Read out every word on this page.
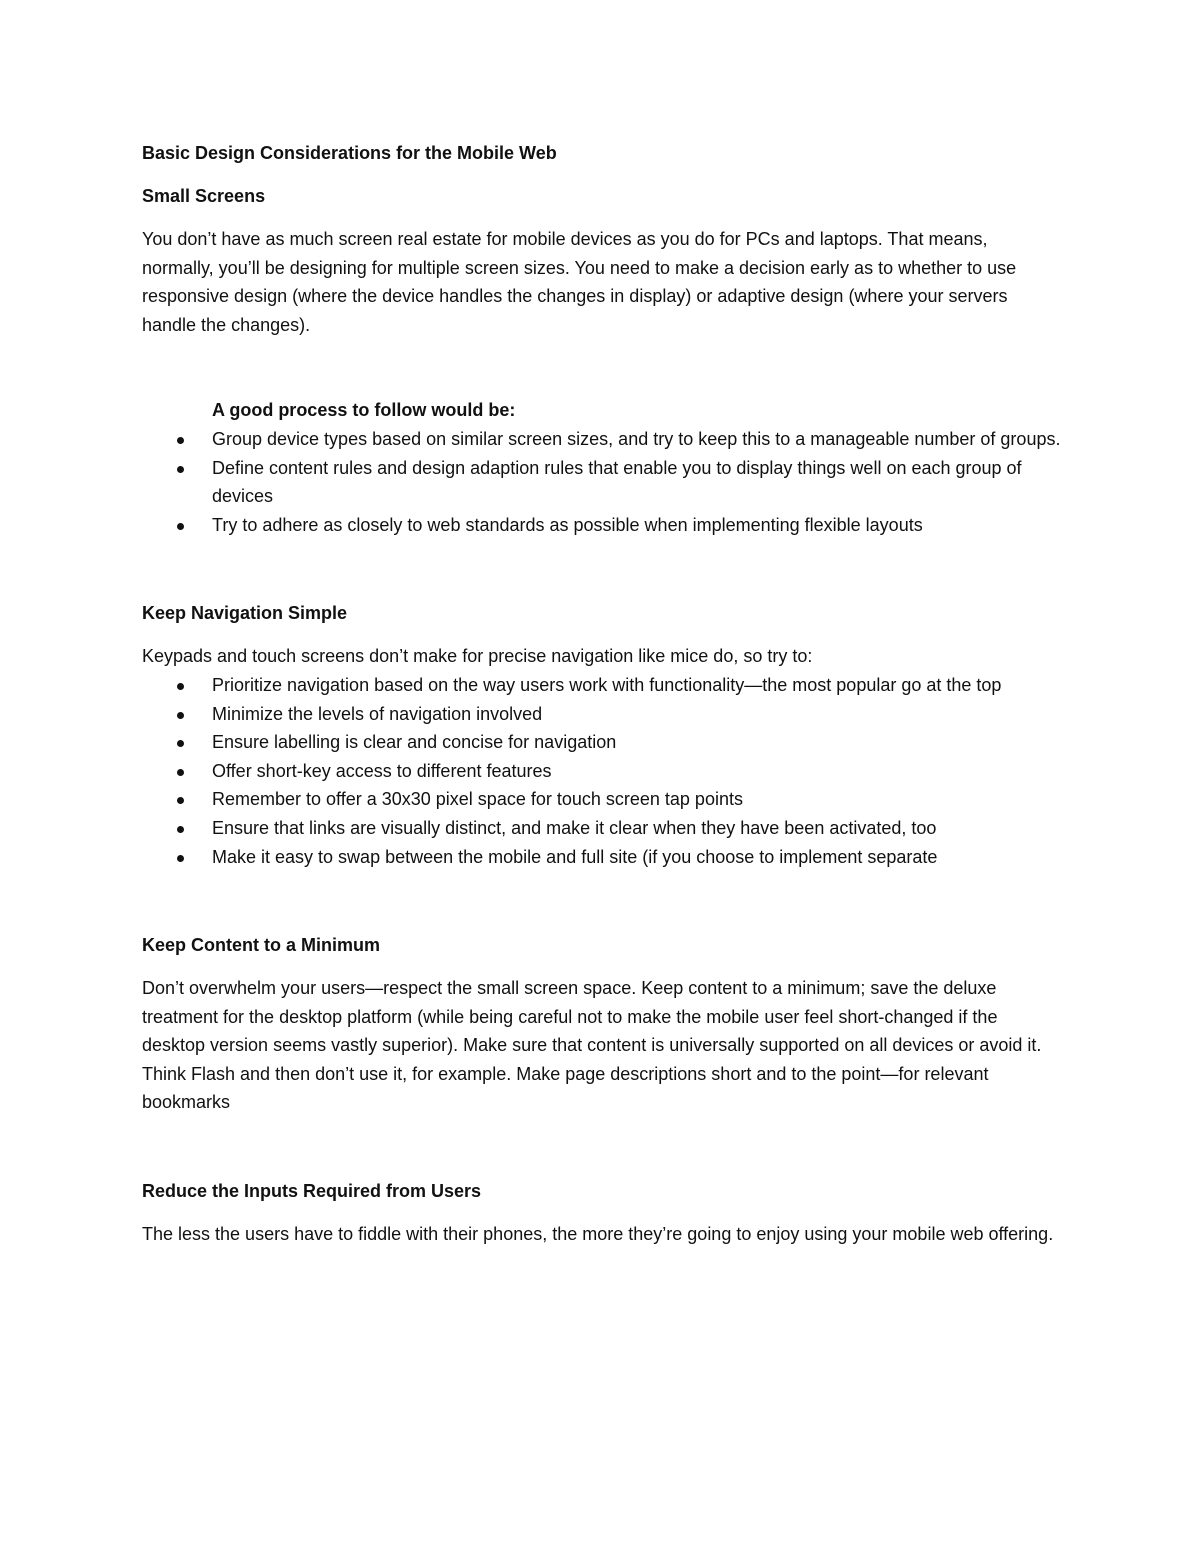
Basic Design Considerations for the Mobile Web
Small Screens

You don’t have as much screen real estate for mobile devices as you do for PCs and laptops. That means, normally, you’ll be designing for multiple screen sizes. You need to make a decision early as to whether to use responsive design (where the device handles the changes in display) or adaptive design (where your servers handle the changes).

A good process to follow would be:
Group device types based on similar screen sizes, and try to keep this to a manageable number of groups.
Define content rules and design adaption rules that enable you to display things well on each group of devices
Try to adhere as closely to web standards as possible when implementing flexible layouts
Keep Navigation Simple

Keypads and touch screens don’t make for precise navigation like mice do, so try to:

Prioritize navigation based on the way users work with functionality—the most popular go at the top
Minimize the levels of navigation involved
Ensure labelling is clear and concise for navigation
Offer short-key access to different features
Remember to offer a 30x30 pixel space for touch screen tap points
Ensure that links are visually distinct, and make it clear when they have been activated, too
Make it easy to swap between the mobile and full site (if you choose to implement separate
Keep Content to a Minimum

Don’t overwhelm your users—respect the small screen space. Keep content to a minimum; save the deluxe treatment for the desktop platform (while being careful not to make the mobile user feel short-changed if the desktop version seems vastly superior). Make sure that content is universally supported on all devices or avoid it. Think Flash and then don’t use it, for example. Make page descriptions short and to the point—for relevant bookmarks

Reduce the Inputs Required from Users

The less the users have to fiddle with their phones, the more they’re going to enjoy using your mobile web offering.
